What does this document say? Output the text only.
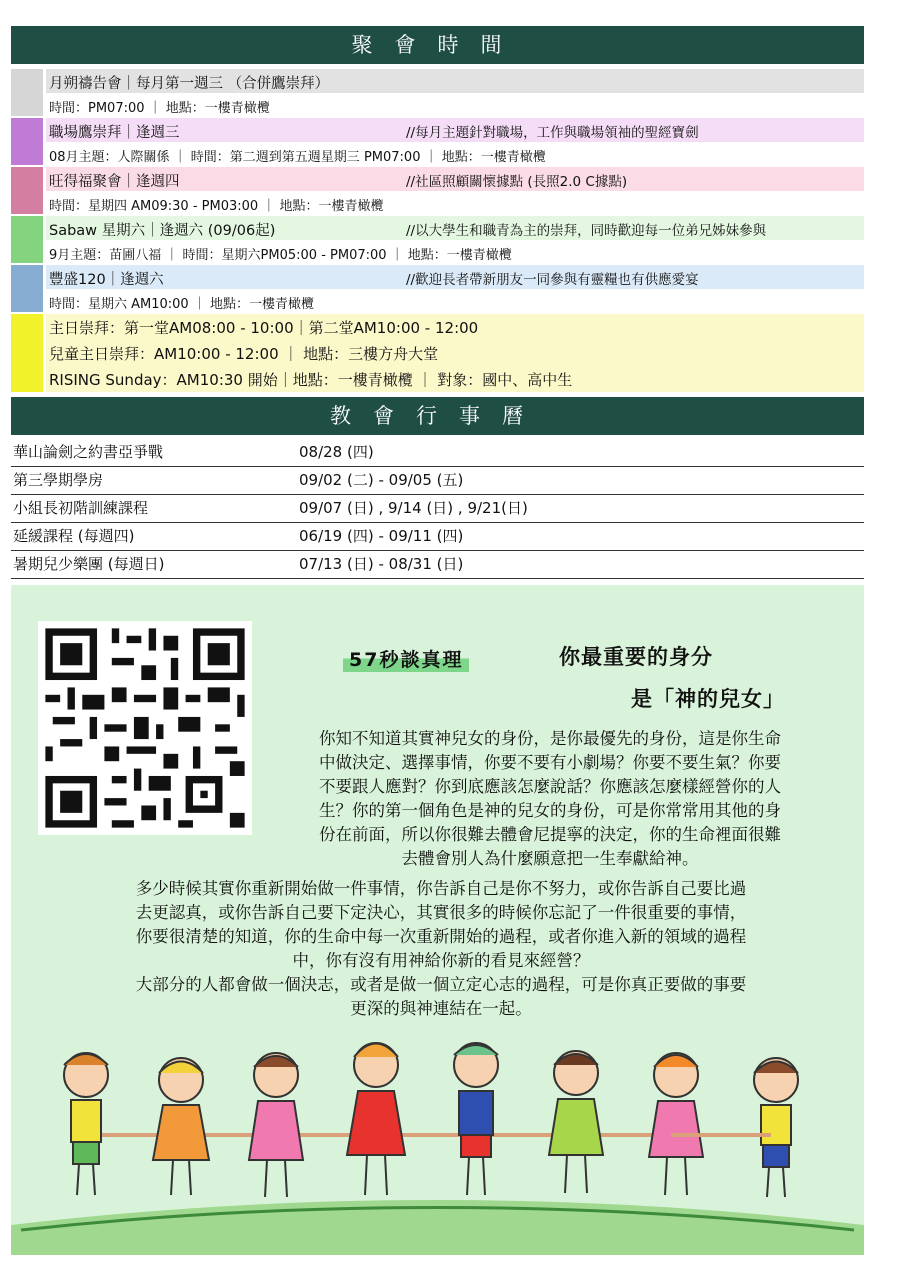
聚會時間
月朔禱告會｜每月第一週三 （合併鷹崇拜）
時間：PM07:00 ｜ 地點：一樓青橄欖
職場鷹崇拜｜逢週三	//每月主題針對職場，工作與職場領袖的聖經寶劍
08月主題：人際關係 ｜ 時間：第二週到第五週星期三 PM07:00 ｜ 地點：一樓青橄欖
旺得福聚會｜逢週四	//社區照顧關懷據點 (長照2.0 C據點)
時間：星期四 AM09:30 - PM03:00 ｜ 地點：一樓青橄欖
Sabaw 星期六｜逢週六 (09/06起)	//以大學生和職青為主的崇拜，同時歡迎每一位弟兄姊妹參與
9月主題：苗圃八福 ｜ 時間：星期六PM05:00 - PM07:00 ｜ 地點：一樓青橄欖
豐盛120｜逢週六	//歡迎長者帶新朋友一同參與有靈糧也有供應愛宴
時間：星期六 AM10:00 ｜ 地點：一樓青橄欖
主日崇拜：第一堂AM08:00 - 10:00｜第二堂AM10:00 - 12:00
兒童主日崇拜：AM10:00 - 12:00 ｜ 地點：三樓方舟大堂
RISING Sunday：AM10:30 開始｜地點：一樓青橄欖 ｜ 對象：國中、高中生
教會行事曆
華山論劍之約書亞爭戰	08/28 (四)
第三學期學房	09/02 (二) - 09/05 (五)
小組長初階訓練課程	09/07 (日) , 9/14 (日) , 9/21(日)
延緩課程 (每週四)	06/19 (四) - 09/11 (四)
暑期兒少樂團 (每週日)	07/13 (日) - 08/31 (日)
57秒談真理	你最重要的身分
是「神的兒女」
你知不知道其實神兒女的身份，是你最優先的身份，這是你生命
中做決定、選擇事情，你要不要有小劇場？你要不要生氣？你要
不要跟人應對？你到底應該怎麼說話？你應該怎麼樣經營你的人
生？你的第一個角色是神的兒女的身份，可是你常常用其他的身
份在前面，所以你很難去體會尼提寧的決定，你的生命裡面很難
去體會別人為什麼願意把一生奉獻給神。
多少時候其實你重新開始做一件事情，你告訴自己是你不努力，或你告訴自己要比過
去更認真，或你告訴自己要下定決心，其實很多的時候你忘記了一件很重要的事情，
你要很清楚的知道，你的生命中每一次重新開始的過程，或者你進入新的領域的過程
中，你有沒有用神給你新的看見來經營？
大部分的人都會做一個決志，或者是做一個立定心志的過程，可是你真正要做的事要
更深的與神連結在一起。
